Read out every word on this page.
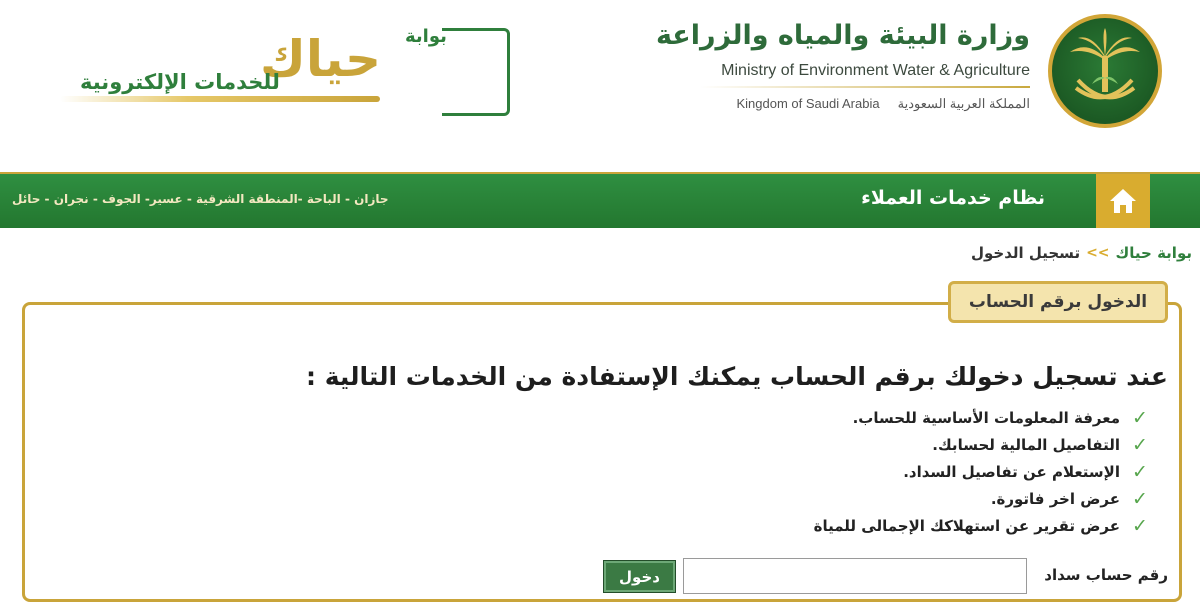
وزارة البيئة والمياه والزراعة
Ministry of Environment Water & Agriculture
Kingdom of Saudi Arabia المملكة العربية السعودية
بوابة
حياك
للخدمات الإلكترونية
نظام خدمات العملاء
جازان - الباحة -المنطقة الشرقية - عسير- الجوف - نجران - حائل
بوابة حياك
>>
تسجيل الدخول
الدخول برقم الحساب
عند تسجيل دخولك برقم الحساب يمكنك الإستفادة من الخدمات التالية :
✓
معرفة المعلومات الأساسية للحساب.
✓
التفاصيل المالية لحسابك.
✓
الإستعلام عن تفاصيل السداد.
✓
عرض اخر فاتورة.
✓
عرض تقرير عن استهلاكك الإجمالى للمياة
رقم حساب سداد
دخول
